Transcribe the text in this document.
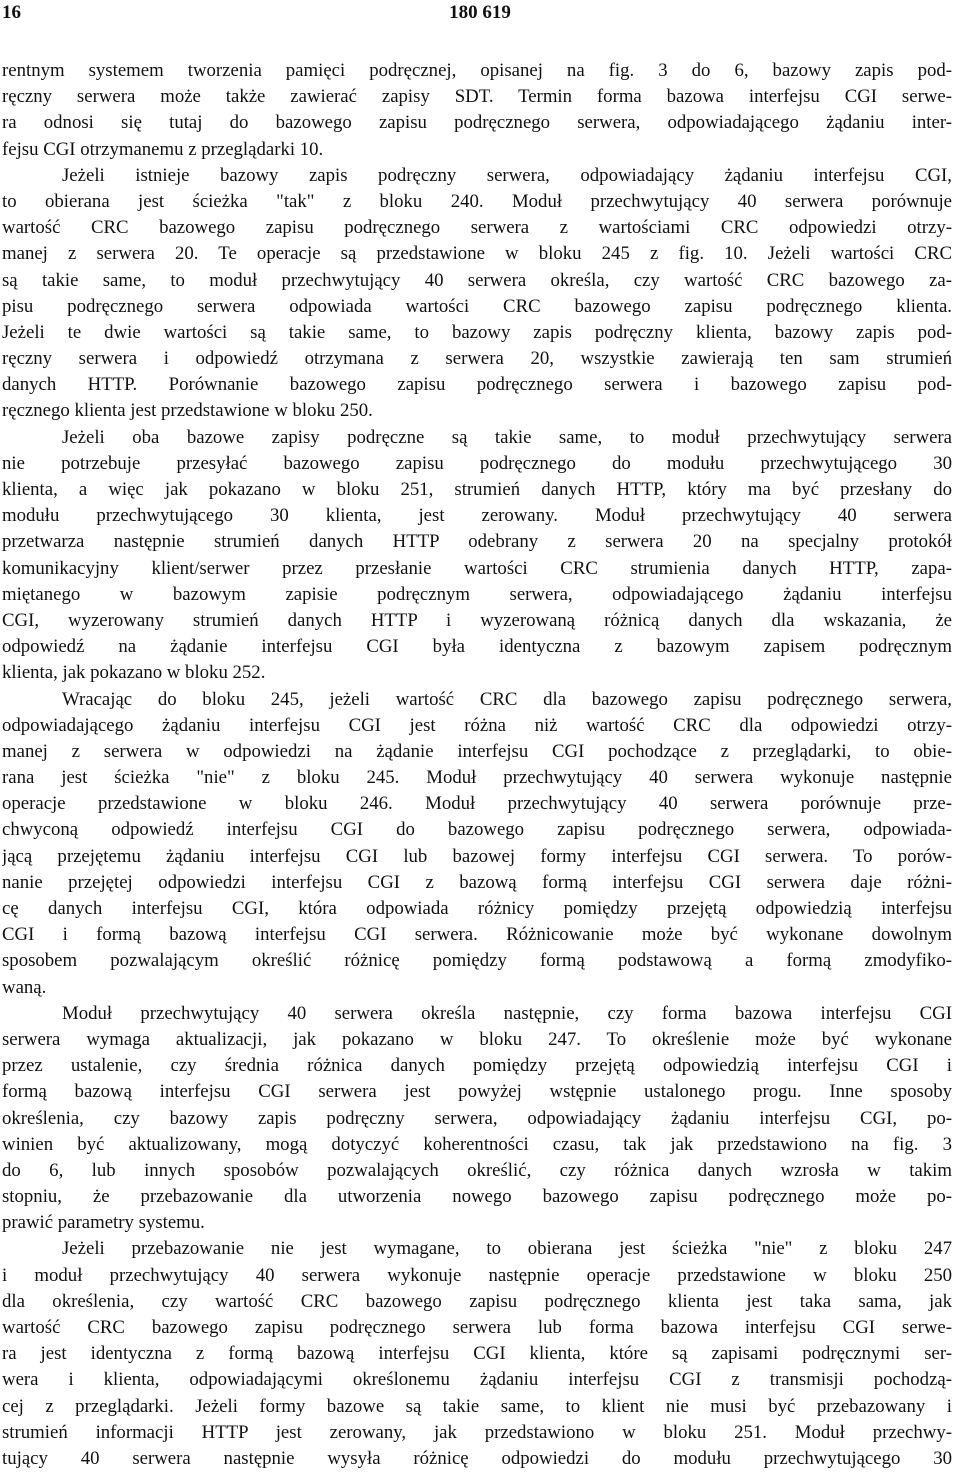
16	180 619
rentnym systemem tworzenia pamięci podręcznej, opisanej na fig. 3 do 6, bazowy zapis pod-
ręczny serwera może także zawierać zapisy SDT. Termin forma bazowa interfejsu CGI serwe-
ra odnosi się tutaj do bazowego zapisu podręcznego serwera, odpowiadającego żądaniu inter-
fejsu CGI otrzymanemu z przeglądarki 10.
Jeżeli istnieje bazowy zapis podręczny serwera, odpowiadający żądaniu interfejsu CGI,
to obierana jest ścieżka "tak" z bloku 240. Moduł przechwytujący 40 serwera porównuje
wartość CRC bazowego zapisu podręcznego serwera z wartościami CRC odpowiedzi otrzy-
manej z serwera 20. Te operacje są przedstawione w bloku 245 z fig. 10. Jeżeli wartości CRC
są takie same, to moduł przechwytujący 40 serwera określa, czy wartość CRC bazowego za-
pisu podręcznego serwera odpowiada wartości CRC bazowego zapisu podręcznego klienta.
Jeżeli te dwie wartości są takie same, to bazowy zapis podręczny klienta, bazowy zapis pod-
ręczny serwera i odpowiedź otrzymana z serwera 20, wszystkie zawierają ten sam strumień
danych HTTP. Porównanie bazowego zapisu podręcznego serwera i bazowego zapisu pod-
ręcznego klienta jest przedstawione w bloku 250.
Jeżeli oba bazowe zapisy podręczne są takie same, to moduł przechwytujący serwera
nie potrzebuje przesyłać bazowego zapisu podręcznego do modułu przechwytującego 30
klienta, a więc jak pokazano w bloku 251, strumień danych HTTP, który ma być przesłany do
modułu przechwytującego 30 klienta, jest zerowany. Moduł przechwytujący 40 serwera
przetwarza następnie strumień danych HTTP odebrany z serwera 20 na specjalny protokół
komunikacyjny klient/serwer przez przesłanie wartości CRC strumienia danych HTTP, zapa-
miętanego w bazowym zapisie podręcznym serwera, odpowiadającego żądaniu interfejsu
CGI, wyzerowany strumień danych HTTP i wyzerowaną różnicą danych dla wskazania, że
odpowiedź na żądanie interfejsu CGI była identyczna z bazowym zapisem podręcznym
klienta, jak pokazano w bloku 252.
Wracając do bloku 245, jeżeli wartość CRC dla bazowego zapisu podręcznego serwera,
odpowiadającego żądaniu interfejsu CGI jest różna niż wartość CRC dla odpowiedzi otrzy-
manej z serwera w odpowiedzi na żądanie interfejsu CGI pochodzące z przeglądarki, to obie-
rana jest ścieżka "nie" z bloku 245. Moduł przechwytujący 40 serwera wykonuje następnie
operacje przedstawione w bloku 246. Moduł przechwytujący 40 serwera porównuje prze-
chwyconą odpowiedź interfejsu CGI do bazowego zapisu podręcznego serwera, odpowiada-
jącą przejętemu żądaniu interfejsu CGI lub bazowej formy interfejsu CGI serwera. To porów-
nanie przejętej odpowiedzi interfejsu CGI z bazową formą interfejsu CGI serwera daje różni-
cę danych interfejsu CGI, która odpowiada różnicy pomiędzy przejętą odpowiedzią interfejsu
CGI i formą bazową interfejsu CGI serwera. Różnicowanie może być wykonane dowolnym
sposobem pozwalającym określić różnicę pomiędzy formą podstawową a formą zmodyfiko-
waną.
Moduł przechwytujący 40 serwera określa następnie, czy forma bazowa interfejsu CGI
serwera wymaga aktualizacji, jak pokazano w bloku 247. To określenie może być wykonane
przez ustalenie, czy średnia różnica danych pomiędzy przejętą odpowiedzią interfejsu CGI i
formą bazową interfejsu CGI serwera jest powyżej wstępnie ustalonego progu. Inne sposoby
określenia, czy bazowy zapis podręczny serwera, odpowiadający żądaniu interfejsu CGI, po-
winien być aktualizowany, mogą dotyczyć koherentności czasu, tak jak przedstawiono na fig. 3
do 6, lub innych sposobów pozwalających określić, czy różnica danych wzrosła w takim
stopniu, że przebazowanie dla utworzenia nowego bazowego zapisu podręcznego może po-
prawić parametry systemu.
Jeżeli przebazowanie nie jest wymagane, to obierana jest ścieżka "nie" z bloku 247
i moduł przechwytujący 40 serwera wykonuje następnie operacje przedstawione w bloku 250
dla określenia, czy wartość CRC bazowego zapisu podręcznego klienta jest taka sama, jak
wartość CRC bazowego zapisu podręcznego serwera lub forma bazowa interfejsu CGI serwe-
ra jest identyczna z formą bazową interfejsu CGI klienta, które są zapisami podręcznymi ser-
wera i klienta, odpowiadającymi określonemu żądaniu interfejsu CGI z transmisji pochodzą-
cej z przeglądarki. Jeżeli formy bazowe są takie same, to klient nie musi być przebazowany i
strumień informacji HTTP jest zerowany, jak przedstawiono w bloku 251. Moduł przechwy-
tujący 40 serwera następnie wysyła różnicę odpowiedzi do modułu przechwytującego 30
